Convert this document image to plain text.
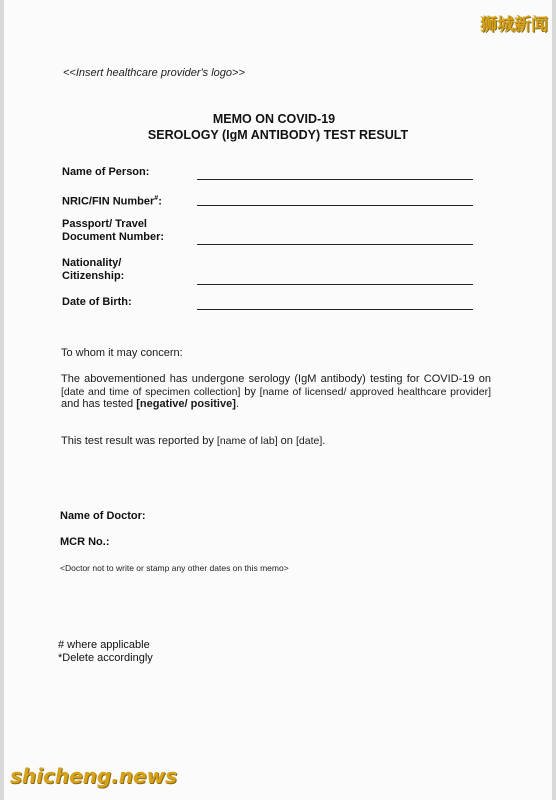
狮城新闻
<<Insert healthcare provider's logo>>
MEMO ON COVID-19
SEROLOGY (IgM ANTIBODY) TEST RESULT
Name of Person:
NRIC/FIN Number#:
Passport/ Travel
Document Number:
Nationality/
Citizenship:
Date of Birth:
To whom it may concern:
The abovementioned has undergone serology (IgM antibody) testing for COVID-19 on [date and time of specimen collection] by [name of licensed/ approved healthcare provider] and has tested [negative/ positive].
This test result was reported by [name of lab] on [date].
Name of Doctor:
MCR No.:
<Doctor not to write or stamp any other dates on this memo>
# where applicable
*Delete accordingly
shicheng.news
